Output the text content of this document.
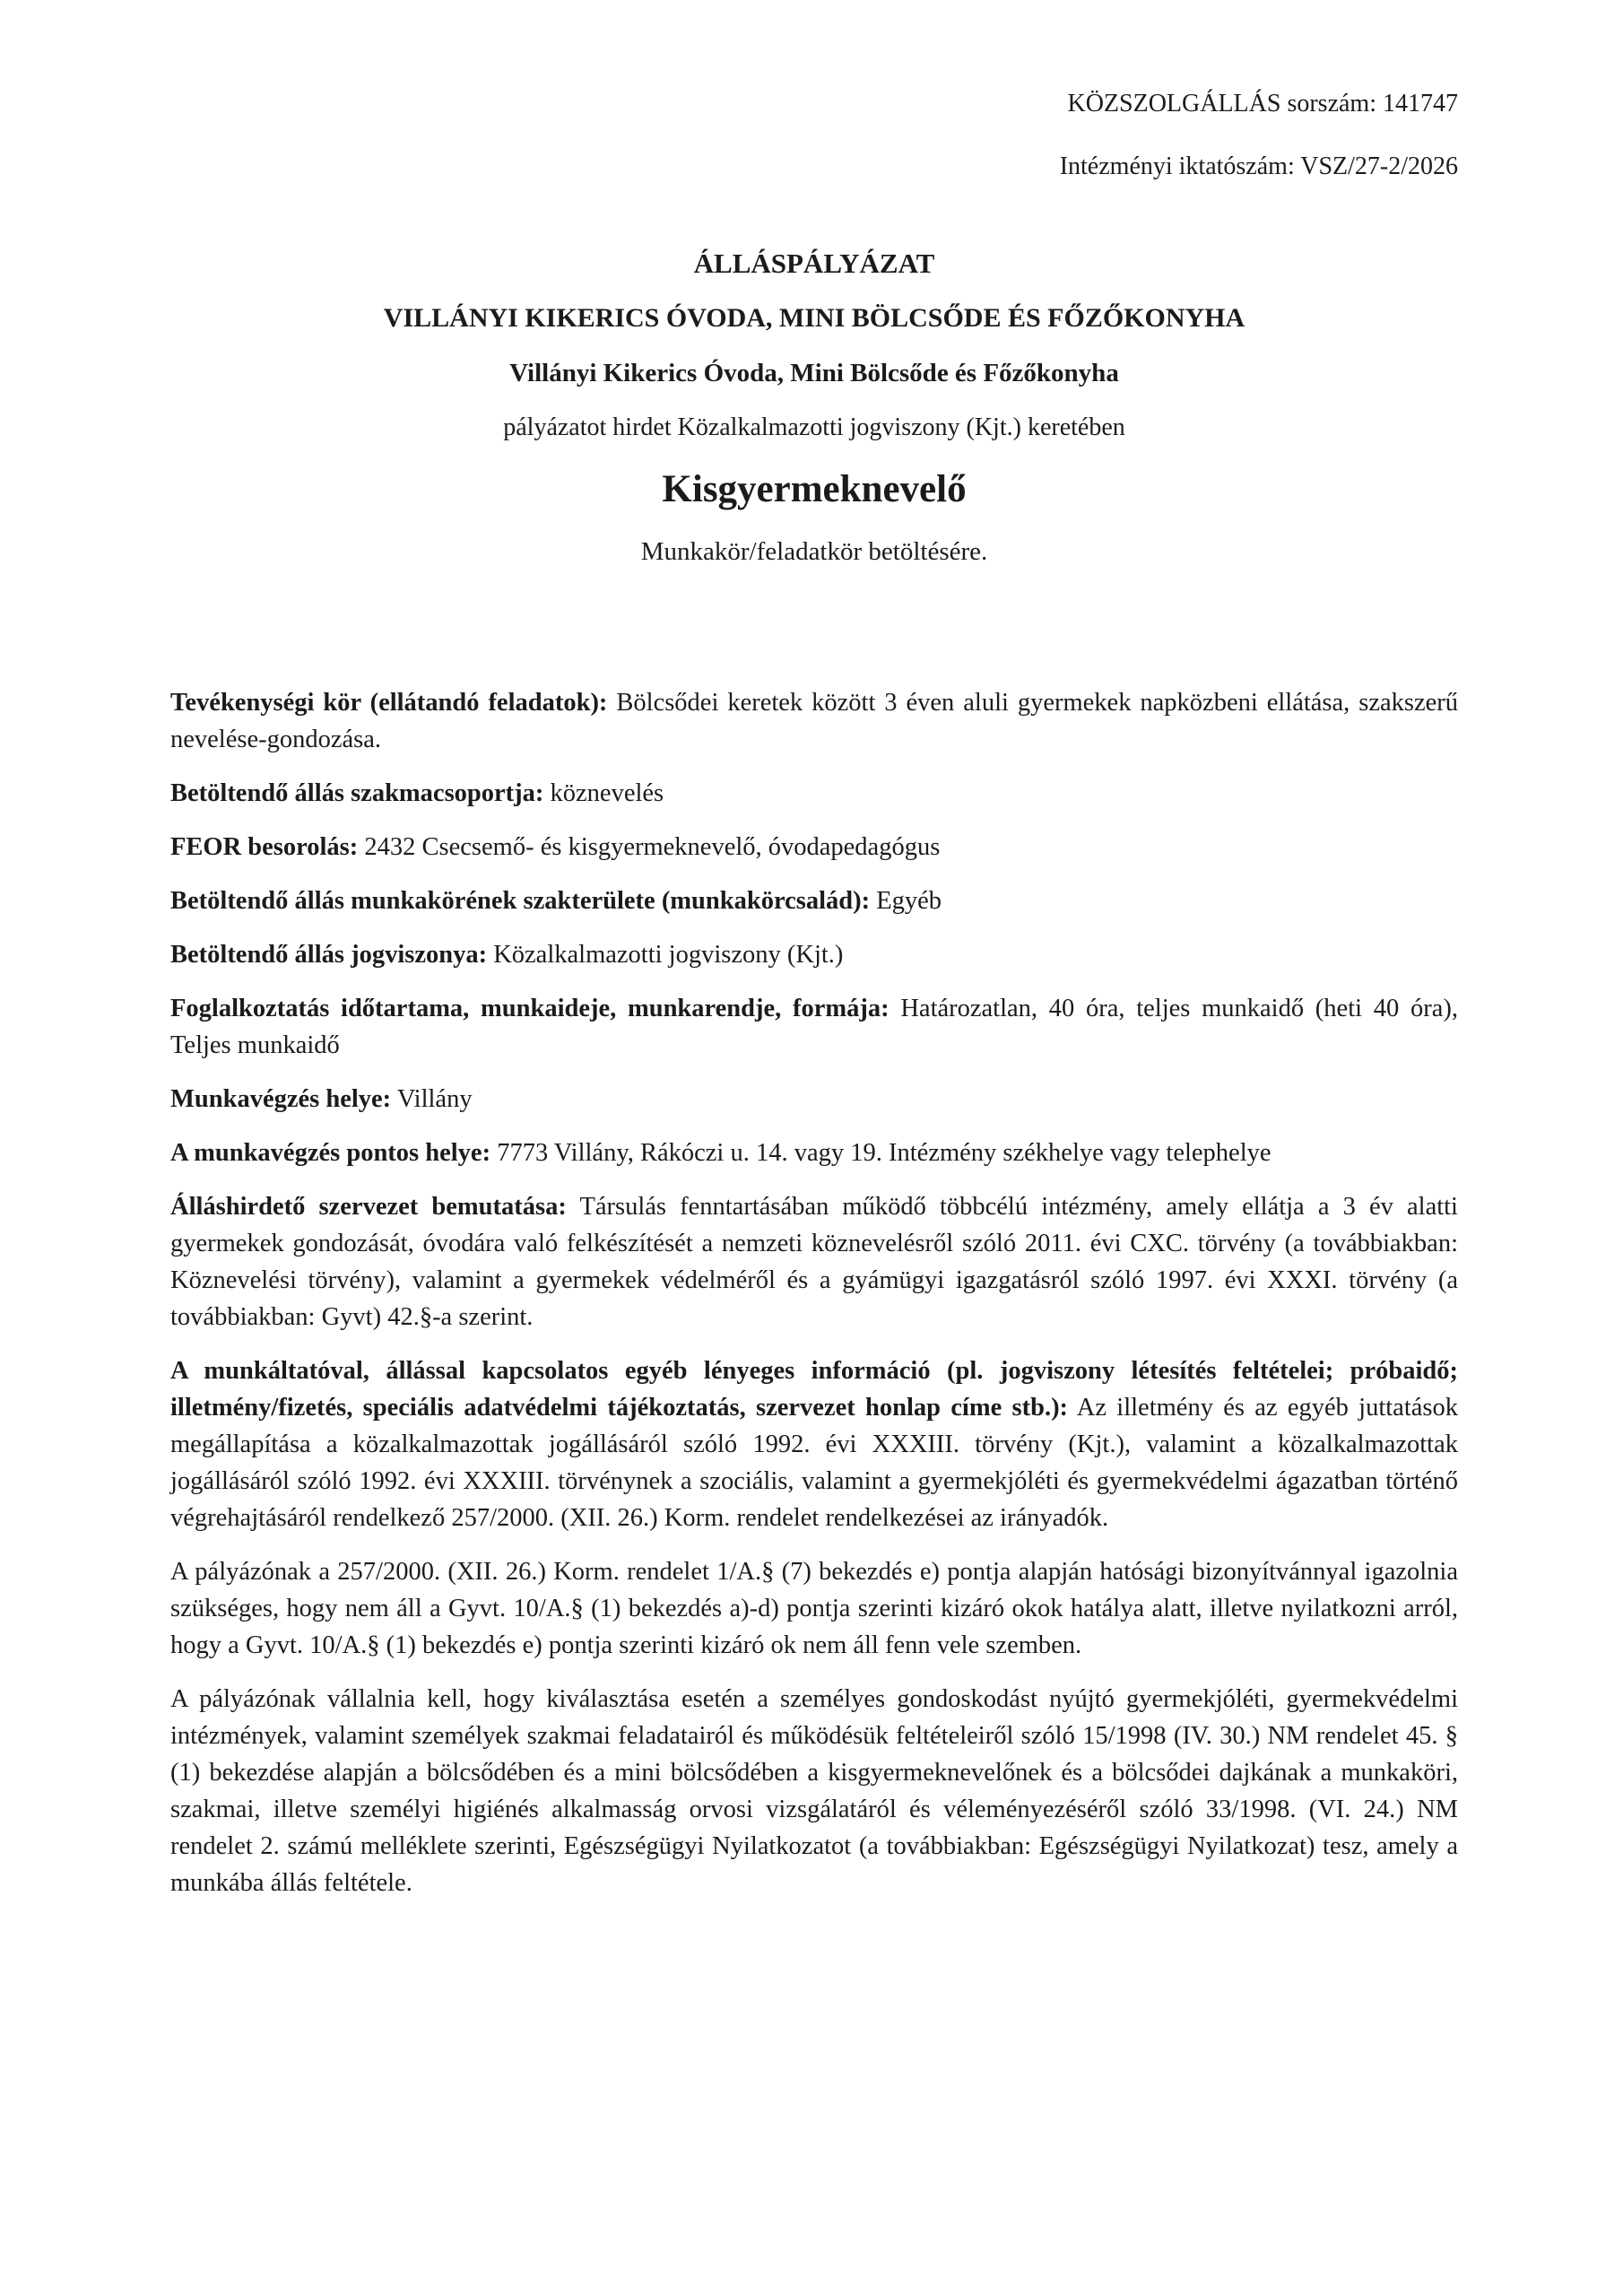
KÖZSZOLGÁLLÁS sorszám: 141747
Intézményi iktatószám: VSZ/27-2/2026
ÁLLÁSPÁLYÁZAT
VILLÁNYI KIKERICS ÓVODA, MINI BÖLCSŐDE ÉS FŐZŐKONYHA
Villányi Kikerics Óvoda, Mini Bölcsőde és Főzőkonyha
pályázatot hirdet Közalkalmazotti jogviszony (Kjt.) keretében
Kisgyermeknevelő
Munkakör/feladatkör betöltésére.

Tevékenységi kör (ellátandó feladatok): Bölcsődei keretek között 3 éven aluli gyermekek napközbeni ellátása, szakszerű nevelése-gondozása.

Betöltendő állás szakmacsoportja: köznevelés

FEOR besorolás: 2432 Csecsemő- és kisgyermeknevelő, óvodapedagógus

Betöltendő állás munkakörének szakterülete (munkakörcsalád): Egyéb

Betöltendő állás jogviszonya: Közalkalmazotti jogviszony (Kjt.)

Foglalkoztatás időtartama, munkaideje, munkarendje, formája: Határozatlan, 40 óra, teljes munkaidő (heti 40 óra), Teljes munkaidő

Munkavégzés helye: Villány

A munkavégzés pontos helye: 7773 Villány, Rákóczi u. 14. vagy 19. Intézmény székhelye vagy telephelye

Álláshirdető szervezet bemutatása: Társulás fenntartásában működő többcélú intézmény, amely ellátja a 3 év alatti gyermekek gondozását, óvodára való felkészítését a nemzeti köznevelésről szóló 2011. évi CXC. törvény (a továbbiakban: Köznevelési törvény), valamint a gyermekek védelméről és a gyámügyi igazgatásról szóló 1997. évi XXXI. törvény (a továbbiakban: Gyvt) 42.§-a szerint.

A munkáltatóval, állással kapcsolatos egyéb lényeges információ (pl. jogviszony létesítés feltételei; próbaidő; illetmény/fizetés, speciális adatvédelmi tájékoztatás, szervezet honlap címe stb.): Az illetmény és az egyéb juttatások megállapítása a közalkalmazottak jogállásáról szóló 1992. évi XXXIII. törvény (Kjt.), valamint a közalkalmazottak jogállásáról szóló 1992. évi XXXIII. törvénynek a szociális, valamint a gyermekjóléti és gyermekvédelmi ágazatban történő végrehajtásáról rendelkező 257/2000. (XII. 26.) Korm. rendelet rendelkezései az irányadók.

A pályázónak a 257/2000. (XII. 26.) Korm. rendelet 1/A.§ (7) bekezdés e) pontja alapján hatósági bizonyítvánnyal igazolnia szükséges, hogy nem áll a Gyvt. 10/A.§ (1) bekezdés a)-d) pontja szerinti kizáró okok hatálya alatt, illetve nyilatkozni arról, hogy a Gyvt. 10/A.§ (1) bekezdés e) pontja szerinti kizáró ok nem áll fenn vele szemben.

A pályázónak vállalnia kell, hogy kiválasztása esetén a személyes gondoskodást nyújtó gyermekjóléti, gyermekvédelmi intézmények, valamint személyek szakmai feladatairól és működésük feltételeiről szóló 15/1998 (IV. 30.) NM rendelet 45. § (1) bekezdése alapján a bölcsődében és a mini bölcsődében a kisgyermeknevelőnek és a bölcsődei dajkának a munkaköri, szakmai, illetve személyi higiénés alkalmasság orvosi vizsgálatáról és véleményezéséről szóló 33/1998. (VI. 24.) NM rendelet 2. számú melléklete szerinti, Egészségügyi Nyilatkozatot (a továbbiakban: Egészségügyi Nyilatkozat) tesz, amely a munkába állás feltétele.
